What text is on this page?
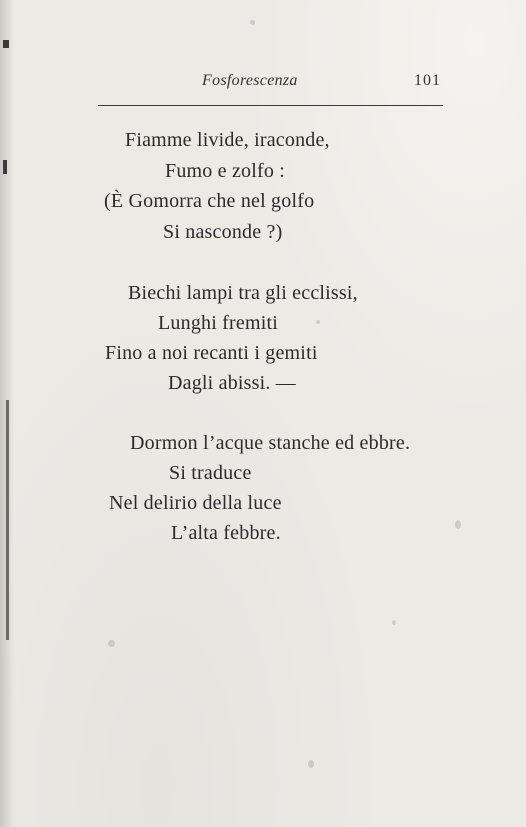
Fosforescenza	101
Fiamme livide, iraconde,
Fumo e zolfo :
(È Gomorra che nel golfo
Si nasconde ?)
Biechi lampi tra gli ecclissi,
Lunghi fremiti
Fino a noi recanti i gemiti
Dagli abissi. —
Dormon l’acque stanche ed ebbre.
Si traduce
Nel delirio della luce
L’alta febbre.
